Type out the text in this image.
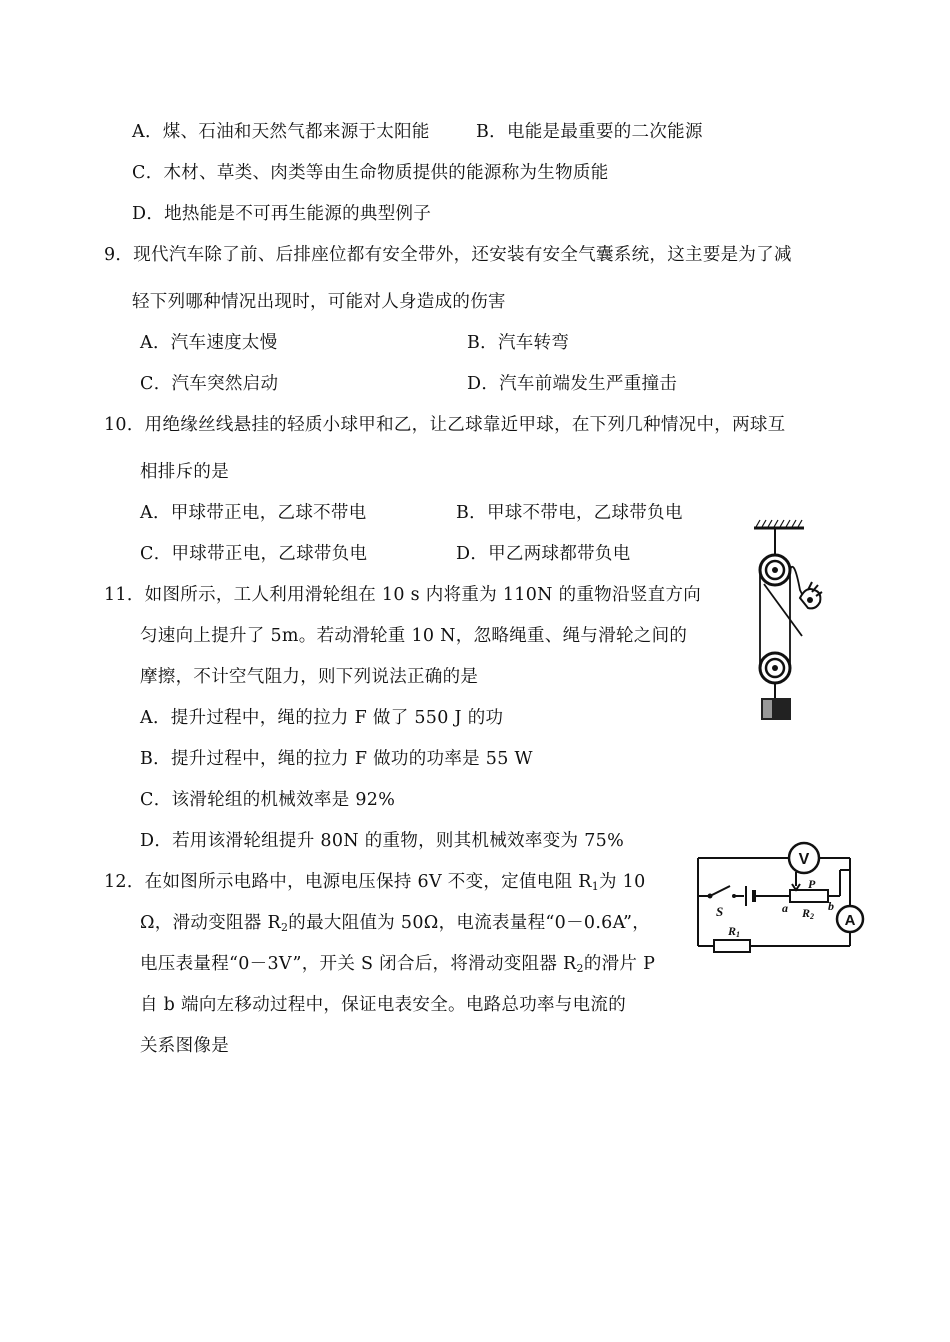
A．煤、石油和天然气都来源于太阳能	B．电能是最重要的二次能源
C．木材、草类、肉类等由生命物质提供的能源称为生物质能
D．地热能是不可再生能源的典型例子
9．现代汽车除了前、后排座位都有安全带外，还安装有安全气囊系统，这主要是为了减
轻下列哪种情况出现时，可能对人身造成的伤害
A．汽车速度太慢	B．汽车转弯
C．汽车突然启动	D．汽车前端发生严重撞击
10．用绝缘丝线悬挂的轻质小球甲和乙，让乙球靠近甲球，在下列几种情况中，两球互
相排斥的是
A．甲球带正电，乙球不带电	B．甲球不带电，乙球带负电
C．甲球带正电，乙球带负电	D．甲乙两球都带负电
11．如图所示，工人利用滑轮组在 10 s 内将重为 110N 的重物沿竖直方向
匀速向上提升了 5m。若动滑轮重 10 N，忽略绳重、绳与滑轮之间的
摩擦，不计空气阻力，则下列说法正确的是
A．提升过程中，绳的拉力 F 做了 550 J 的功
B．提升过程中，绳的拉力 F 做功的功率是 55 W
C．该滑轮组的机械效率是 92%
D．若用该滑轮组提升 80N 的重物，则其机械效率变为 75%
12．在如图所示电路中，电源电压保持 6V 不变，定值电阻 $R_1$为 10
Ω，滑动变阻器 $R_2$的最大阻值为 50Ω，电流表量程“0－0.6A”，
电压表量程“0－3V”，开关 S 闭合后，将滑动变阻器 $R_2$的滑片 P
自 b 端向左移动过程中，保证电表安全。电路总功率与电流的
关系图像是
V
A
S
P
a	b
R2
R1
